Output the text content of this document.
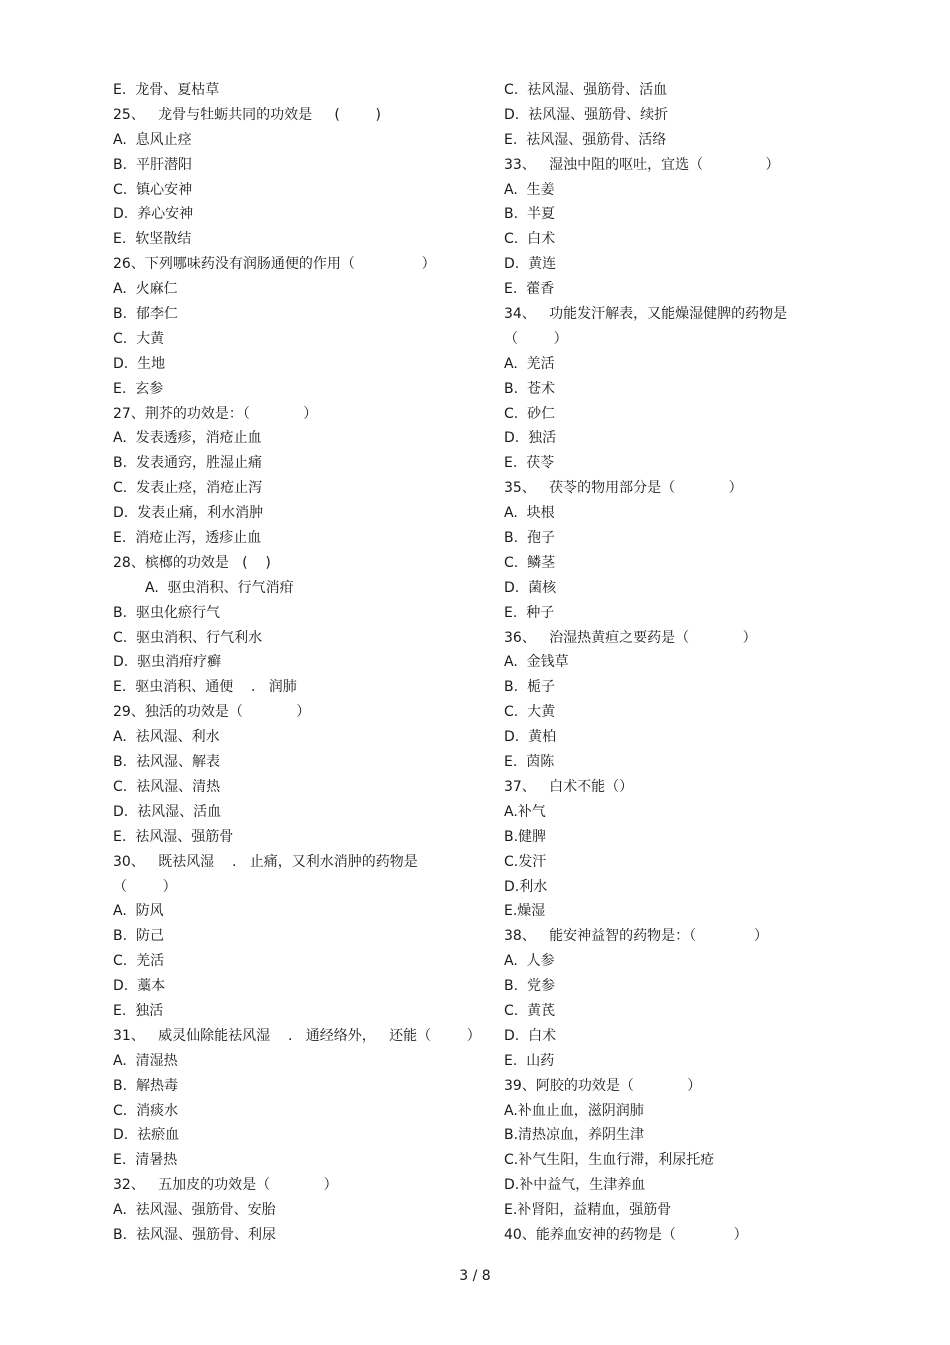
E.  龙骨、夏枯草
25、   龙骨与牡蛎共同的功效是     (        )
A.  息风止痉
B.  平肝潜阳
C.  镇心安神
D.  养心安神
E.  软坚散结
26、下列哪味药没有润肠通便的作用（               ）
A.  火麻仁
B.  郁李仁
C.  大黄
D.  生地
E.  玄参
27、荆芥的功效是：（            ）
A.  发表透疹，消疮止血
B.  发表通窍，胜湿止痛
C.  发表止痉，消疮止泻
D.  发表止痛，利水消肿
E.  消疮止泻，透疹止血
28、槟榔的功效是   (    )
A.  驱虫消积、行气消疳
B.  驱虫化瘀行气
C.  驱虫消积、行气利水
D.  驱虫消疳疗癣
E.  驱虫消积、通便    .   润肺
29、独活的功效是（            ）
A.  祛风湿、利水
B.  祛风湿、解表
C.  祛风湿、清热
D.  祛风湿、活血
E.  祛风湿、强筋骨
30、   既祛风湿    .   止痛，又利水消肿的药物是
（        ）
A.  防风
B.  防己
C.  羌活
D.  藁本
E.  独活
31、   威灵仙除能祛风湿    .   通经络外，   还能（        ）
A.  清湿热
B.  解热毒
C.  消痰水
D.  祛瘀血
E.  清暑热
32、   五加皮的功效是（            ）
A.  祛风湿、强筋骨、安胎
B.  祛风湿、强筋骨、利尿
C.  祛风湿、强筋骨、活血
D.  祛风湿、强筋骨、续折
E.  祛风湿、强筋骨、活络
33、   湿浊中阻的呕吐，宜选（              ）
A.  生姜
B.  半夏
C.  白术
D.  黄连
E.  藿香
34、   功能发汗解表，又能燥湿健脾的药物是
（        ）
A.  羌活
B.  苍术
C.  砂仁
D.  独活
E.  茯苓
35、   茯苓的物用部分是（            ）
A.  块根
B.  孢子
C.  鳞茎
D.  菌核
E.  种子
36、   治湿热黄疸之要药是（            ）
A.  金钱草
B.  栀子
C.  大黄
D.  黄柏
E.  茵陈
37、   白术不能（）
A.补气
B.健脾
C.发汗
D.利水
E.燥湿
38、   能安神益智的药物是：（             ）
A.  人参
B.  党参
C.  黄芪
D.  白术
E.  山药
39、阿胶的功效是（            ）
A.补血止血，滋阴润肺
B.清热凉血，养阴生津
C.补气生阳，生血行滞，利尿托疮
D.补中益气，生津养血
E.补肾阳，益精血，强筋骨
40、能养血安神的药物是（             ）
3 / 8
